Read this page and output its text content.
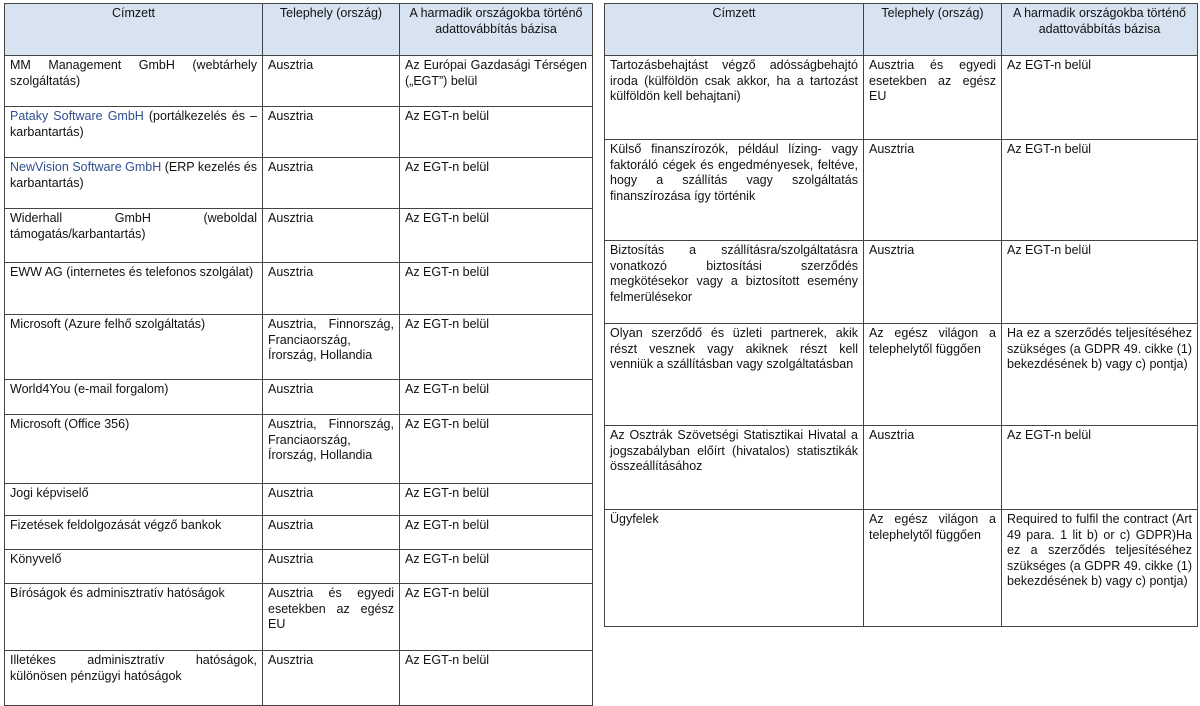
Címzett	Telephely (ország)	A harmadik országokba történő adattovábbítás bázisa
MM Management GmbH (webtárhely szolgáltatás)	Ausztria	Az Európai Gazdasági Térségen („EGT”) belül
Pataky Software GmbH (portálkezelés és –karbantartás)	Ausztria	Az EGT-n belül
NewVision Software GmbH (ERP kezelés és karbantartás)	Ausztria	Az EGT-n belül
Widerhall GmbH (weboldal támogatás/karbantartás)	Ausztria	Az EGT-n belül
EWW AG (internetes és telefonos szolgálat)	Ausztria	Az EGT-n belül
Microsoft (Azure felhő szolgáltatás)	Ausztria, Finnország, Franciaország, Írország, Hollandia	Az EGT-n belül
World4You (e-mail forgalom)	Ausztria	Az EGT-n belül
Microsoft (Office 356)	Ausztria, Finnország, Franciaország, Írország, Hollandia	Az EGT-n belül
Jogi képviselő	Ausztria	Az EGT-n belül
Fizetések feldolgozását végző bankok	Ausztria	Az EGT-n belül
Könyvelő	Ausztria	Az EGT-n belül
Bíróságok és adminisztratív hatóságok	Ausztria és egyedi esetekben az egész EU	Az EGT-n belül
Illetékes adminisztratív hatóságok, különösen pénzügyi hatóságok	Ausztria	Az EGT-n belül
Címzett	Telephely (ország)	A harmadik országokba történő adattovábbítás bázisa
Tartozásbehajtást végző adósságbehajtó iroda (külföldön csak akkor, ha a tartozást külföldön kell behajtani)	Ausztria és egyedi esetekben az egész EU	Az EGT-n belül
Külső finanszírozók, például lízing- vagy faktoráló cégek és engedményesek, feltéve, hogy a szállítás vagy szolgáltatás finanszírozása így történik	Ausztria	Az EGT-n belül
Biztosítás a szállításra/szolgáltatásra vonatkozó biztosítási szerződés megkötésekor vagy a biztosított esemény felmerülésekor	Ausztria	Az EGT-n belül
Olyan szerződő és üzleti partnerek, akik részt vesznek vagy akiknek részt kell venniük a szállításban vagy szolgáltatásban	Az egész világon a telephelytől függően	Ha ez a szerződés teljesítéséhez szükséges (a GDPR 49. cikke (1) bekezdésének b) vagy c) pontja)
Az Osztrák Szövetségi Statisztikai Hivatal a jogszabályban előírt (hivatalos) statisztikák összeállításához	Ausztria	Az EGT-n belül
Ügyfelek	Az egész világon a telephelytől függően	Required to fulfil the contract (Art 49 para. 1 lit b) or c) GDPR)Ha ez a szerződés teljesítéséhez szükséges (a GDPR 49. cikke (1) bekezdésének b) vagy c) pontja)
